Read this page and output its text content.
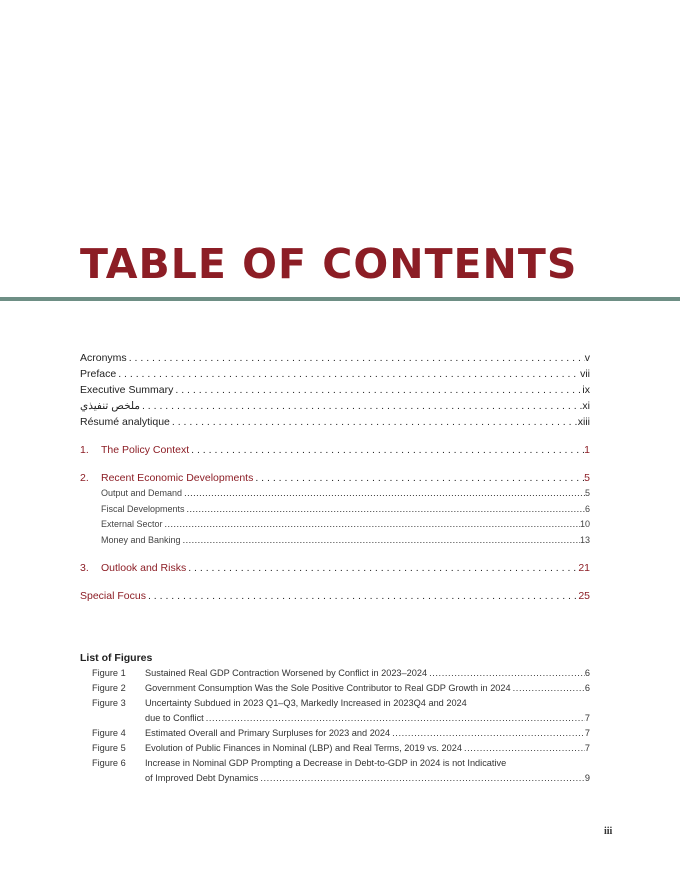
TABLE OF CONTENTS
Acronyms . . .	v
Preface . . .	vii
Executive Summary . . .	ix
ملخص تنفيذي . . .	xi
Résumé analytique . . .	xiii
1. The Policy Context . . .	1
2. Recent Economic Developments . . .	5
Output and Demand .....	5
Fiscal Developments .....	6
External Sector .....	10
Money and Banking .....	13
3. Outlook and Risks . . .	21
Special Focus . . .	25
List of Figures
Figure 1	Sustained Real GDP Contraction Worsened by Conflict in 2023–2024 .....	6
Figure 2	Government Consumption Was the Sole Positive Contributor to Real GDP Growth in 2024 .....	6
Figure 3	Uncertainty Subdued in 2023 Q1–Q3, Markedly Increased in 2023Q4 and 2024
due to Conflict .....	7
Figure 4	Estimated Overall and Primary Surpluses for 2023 and 2024 .....	7
Figure 5	Evolution of Public Finances in Nominal (LBP) and Real Terms, 2019 vs. 2024 .....	7
Figure 6	Increase in Nominal GDP Prompting a Decrease in Debt-to-GDP in 2024 is not Indicative
of Improved Debt Dynamics .....	9
iii
